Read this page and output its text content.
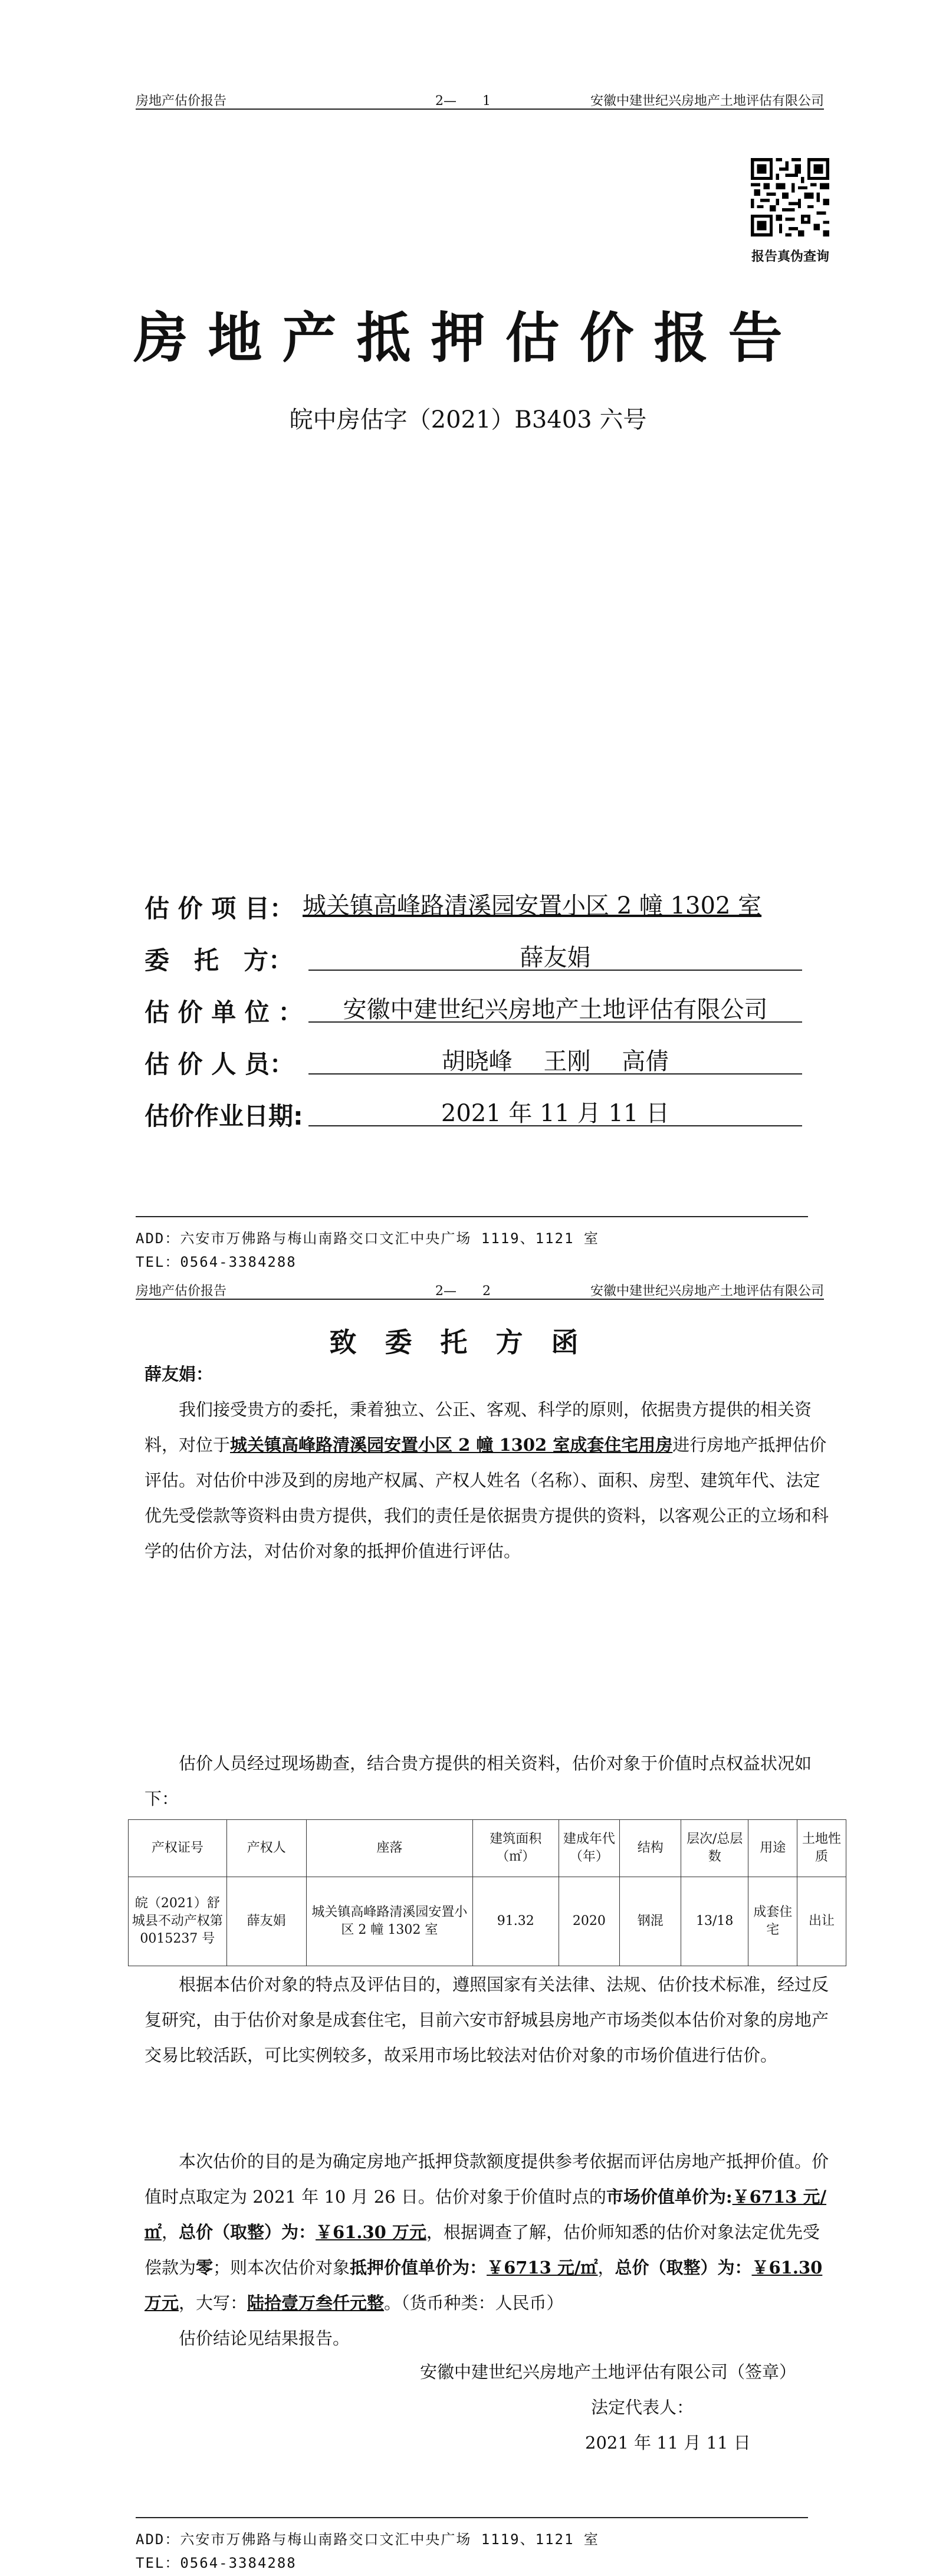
房地产估价报告	2—　　1	安徽中建世纪兴房地产土地评估有限公司
报告真伪查询
房地产抵押估价报告
皖中房估字（2021）B3403 六号
估 价 项 目： 城关镇高峰路清溪园安置小区 2 幢 1302 室
委　托　方：	薛友娟
估 价 单 位 ：	安徽中建世纪兴房地产土地评估有限公司
估 价 人 员：	胡晓峰　 王刚　 高倩
估价作业日期:	2021 年 11 月 11 日
ADD：六安市万佛路与梅山南路交口文汇中央广场 1119、1121 室
TEL：0564-3384288
房地产估价报告	2—　　2	安徽中建世纪兴房地产土地评估有限公司
致委托方函
薛友娟：
我们接受贵方的委托，秉着独立、公正、客观、科学的原则，依据贵方提供的相关资料，对位于城关镇高峰路清溪园安置小区 2 幢 1302 室成套住宅用房进行房地产抵押估价评估。对估价中涉及到的房地产权属、产权人姓名（名称）、面积、房型、建筑年代、法定优先受偿款等资料由贵方提供，我们的责任是依据贵方提供的资料，以客观公正的立场和科学的估价方法，对估价对象的抵押价值进行评估。
估价人员经过现场勘查，结合贵方提供的相关资料，估价对象于价值时点权益状况如下：
产权证号	产权人	座落	建筑面积（㎡）	建成年代（年）	结构	层次/总层数	用途	土地性质
皖（2021）舒城县不动产权第 0015237 号	薛友娟	城关镇高峰路清溪园安置小区 2 幢 1302 室	91.32	2020	钢混	13/18	成套住宅	出让
根据本估价对象的特点及评估目的，遵照国家有关法律、法规、估价技术标准，经过反复研究，由于估价对象是成套住宅，目前六安市舒城县房地产市场类似本估价对象的房地产交易比较活跃，可比实例较多，故采用市场比较法对估价对象的市场价值进行估价。
本次估价的目的是为确定房地产抵押贷款额度提供参考依据而评估房地产抵押价值。价值时点取定为 2021 年 10 月 26 日。估价对象于价值时点的市场价值单价为:￥6713 元/㎡，总价（取整）为：￥61.30 万元，根据调查了解，估价师知悉的估价对象法定优先受偿款为零；则本次估价对象抵押价值单价为：￥6713 元/㎡，总价（取整）为：￥61.30 万元，大写：陆拾壹万叁仟元整。（货币种类：人民币）
估价结论见结果报告。
安徽中建世纪兴房地产土地评估有限公司（签章）
法定代表人：
2021 年 11 月 11 日
ADD：六安市万佛路与梅山南路交口文汇中央广场 1119、1121 室
TEL：0564-3384288
